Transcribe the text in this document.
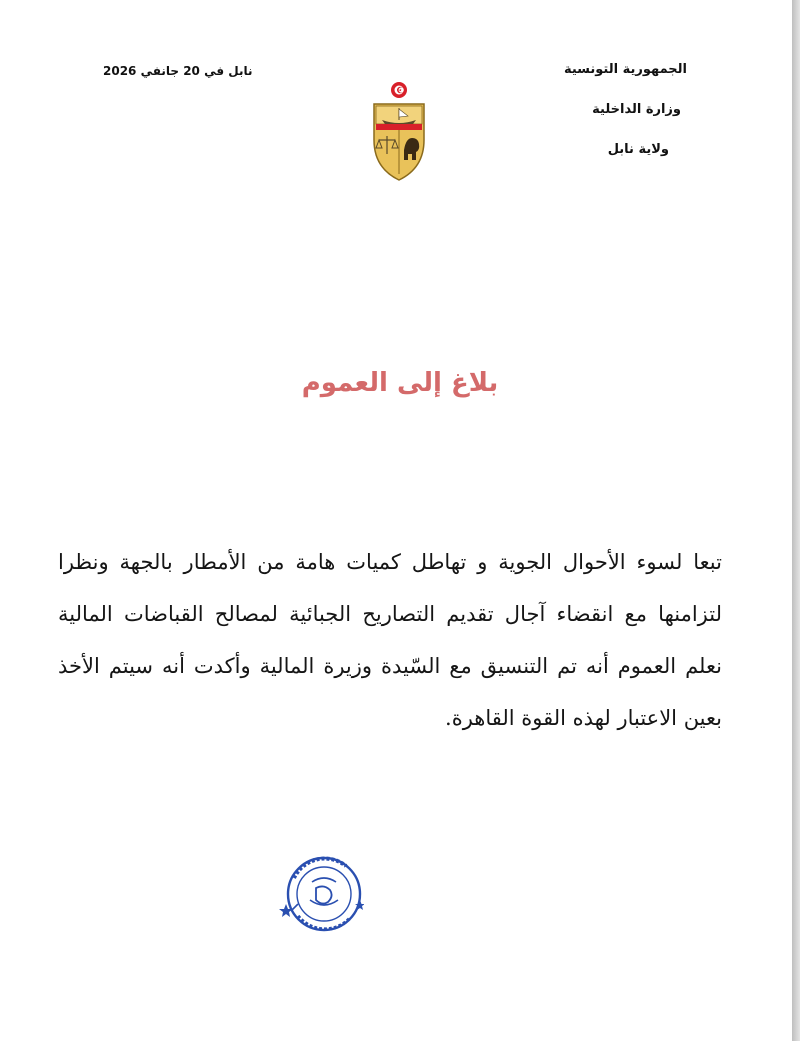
الجمهورية التونسية
وزارة الداخلية
ولاية نابل
نابل في 20 جانفي 2026
بلاغ إلى العموم
تبعا لسوء الأحوال الجوية و تهاطل كميات هامة من الأمطار بالجهة ونظرا لتزامنها مع انقضاء آجال تقديم التصاريح الجبائية لمصالح القباضات المالية نعلم العموم أنه تم التنسيق مع السّيدة وزيرة المالية وأكدت أنه سيتم الأخذ بعين الاعتبار لهذه القوة القاهرة.
